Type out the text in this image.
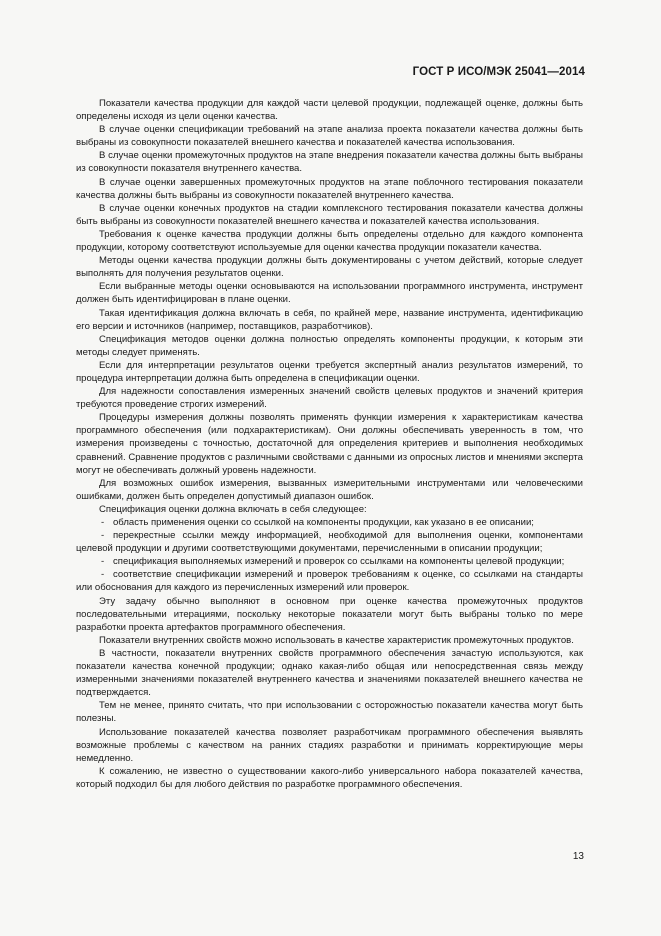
ГОСТ Р ИСО/МЭК 25041—2014

Показатели качества продукции для каждой части целевой продукции, подлежащей оценке, должны быть определены исходя из цели оценки качества.

В случае оценки спецификации требований на этапе анализа проекта показатели качества должны быть выбраны из совокупности показателей внешнего качества и показателей качества использования.

В случае оценки промежуточных продуктов на этапе внедрения показатели качества должны быть выбраны из совокупности показателя внутреннего качества.

В случае оценки завершенных промежуточных продуктов на этапе поблочного тестирования показатели качества должны быть выбраны из совокупности показателей внутреннего качества.

В случае оценки конечных продуктов на стадии комплексного тестирования показатели качества должны быть выбраны из совокупности показателей внешнего качества и показателей качества использования.

Требования к оценке качества продукции должны быть определены отдельно для каждого компонента продукции, которому соответствуют используемые для оценки качества продукции показатели качества.

Методы оценки качества продукции должны быть документированы с учетом действий, которые следует выполнять для получения результатов оценки.

Если выбранные методы оценки основываются на использовании программного инструмента, инструмент должен быть идентифицирован в плане оценки.

Такая идентификация должна включать в себя, по крайней мере, название инструмента, идентификацию его версии и источников (например, поставщиков, разработчиков).

Спецификация методов оценки должна полностью определять компоненты продукции, к которым эти методы следует применять.

Если для интерпретации результатов оценки требуется экспертный анализ результатов измерений, то процедура интерпретации должна быть определена в спецификации оценки.

Для надежности сопоставления измеренных значений свойств целевых продуктов и значений критерия требуются проведение строгих измерений.

Процедуры измерения должны позволять применять функции измерения к характеристикам качества программного обеспечения (или подхарактеристикам). Они должны обеспечивать уверенность в том, что измерения произведены с точностью, достаточной для определения критериев и выполнения необходимых сравнений. Сравнение продуктов с различными свойствами с данными из опросных листов и мнениями эксперта могут не обеспечивать должный уровень надежности.

Для возможных ошибок измерения, вызванных измерительными инструментами или человеческими ошибками, должен быть определен допустимый диапазон ошибок.

Спецификация оценки должна включать в себя следующее:

- область применения оценки со ссылкой на компоненты продукции, как указано в ее описании;

- перекрестные ссылки между информацией, необходимой для выполнения оценки, компонентами целевой продукции и другими соответствующими документами, перечисленными в описании продукции;

- спецификация выполняемых измерений и проверок со ссылками на компоненты целевой продукции;

- соответствие спецификации измерений и проверок требованиям к оценке, со ссылками на стандарты или обоснования для каждого из перечисленных измерений или проверок.

Эту задачу обычно выполняют в основном при оценке качества промежуточных продуктов последовательными итерациями, поскольку некоторые показатели могут быть выбраны только по мере разработки проекта артефактов программного обеспечения.

Показатели внутренних свойств можно использовать в качестве характеристик промежуточных продуктов.

В частности, показатели внутренних свойств программного обеспечения зачастую используются, как показатели качества конечной продукции; однако какая-либо общая или непосредственная связь между измеренными значениями показателей внутреннего качества и значениями показателей внешнего качества не подтверждается.

Тем не менее, принято считать, что при использовании с осторожностью показатели качества могут быть полезны.

Использование показателей качества позволяет разработчикам программного обеспечения выявлять возможные проблемы с качеством на ранних стадиях разработки и принимать корректирующие меры немедленно.

К сожалению, не известно о существовании какого-либо универсального набора показателей качества, который подходил бы для любого действия по разработке программного обеспечения.

13
